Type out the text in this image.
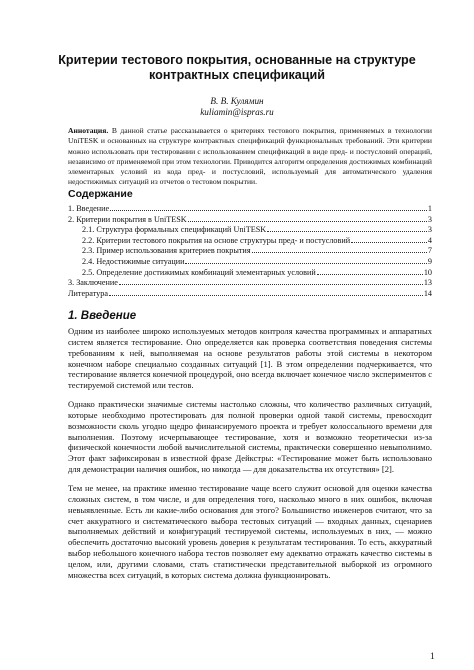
Критерии тестового покрытия, основанные на структуре
контрактных спецификаций
В. В. Кулямин
kuliamin@ispras.ru
Аннотация. В данной статье рассказывается о критериях тестового покрытия, применяемых в технологии UniTESK и основанных на структуре контрактных спецификаций функциональных требований. Эти критерии можно использовать при тестировании с использованием спецификаций в виде пред- и постусловий операций, независимо от применяемой при этом технологии. Приводится алгоритм определения достижимых комбинаций элементарных условий из кода пред- и постусловий, используемый для автоматического удаления недостижимых ситуаций из отчетов о тестовом покрытии.
Содержание
1. Введение	1
2. Критерии покрытия в UniTESK	3
2.1. Структура формальных спецификаций UniTESK	3
2.2. Критерии тестового покрытия на основе структуры пред- и постусловий	4
2.3. Пример использования критериев покрытия	7
2.4. Недостижимые ситуации	9
2.5. Определение достижимых комбинаций элементарных условий	10
3. Заключение	13
Литература	14
1. Введение

Одним из наиболее широко используемых методов контроля качества программных и аппаратных систем является тестирование. Оно определяется как проверка соответствия поведения системы требованиям к ней, выполняемая на основе результатов работы этой системы в некотором конечном наборе специально созданных ситуаций [1]. В этом определении подчеркивается, что тестирование является конечной процедурой, оно всегда включает конечное число экспериментов с тестируемой системой или тестов.

Однако практически значимые системы настолько сложны, что количество различных ситуаций, которые необходимо протестировать для полной проверки одной такой системы, превосходит возможности сколь угодно щедро финансируемого проекта и требует колоссального времени для выполнения. Поэтому исчерпывающее тестирование, хотя и возможно теоретически из-за физической конечности любой вычислительной системы, практически совершенно невыполнимо. Этот факт зафиксирован в известной фразе Дейкстры: «Тестирование может быть использовано для демонстрации наличия ошибок, но никогда — для доказательства их отсутствия» [2].

Тем не менее, на практике именно тестирование чаще всего служит основой для оценки качества сложных систем, в том числе, и для определения того, насколько много в них ошибок, включая невыявленные. Есть ли какие-либо основания для этого? Большинство инженеров считают, что за счет аккуратного и систематического выбора тестовых ситуаций — входных данных, сценариев выполняемых действий и конфигураций тестируемой системы, используемых в них, — можно обеспечить достаточно высокий уровень доверия к результатам тестирования. То есть, аккуратный выбор небольшого конечного набора тестов позволяет ему адекватно отражать качество системы в целом, или, другими словами, стать статистически представительной выборкой из огромного множества всех ситуаций, в которых система должна функционировать.

1
